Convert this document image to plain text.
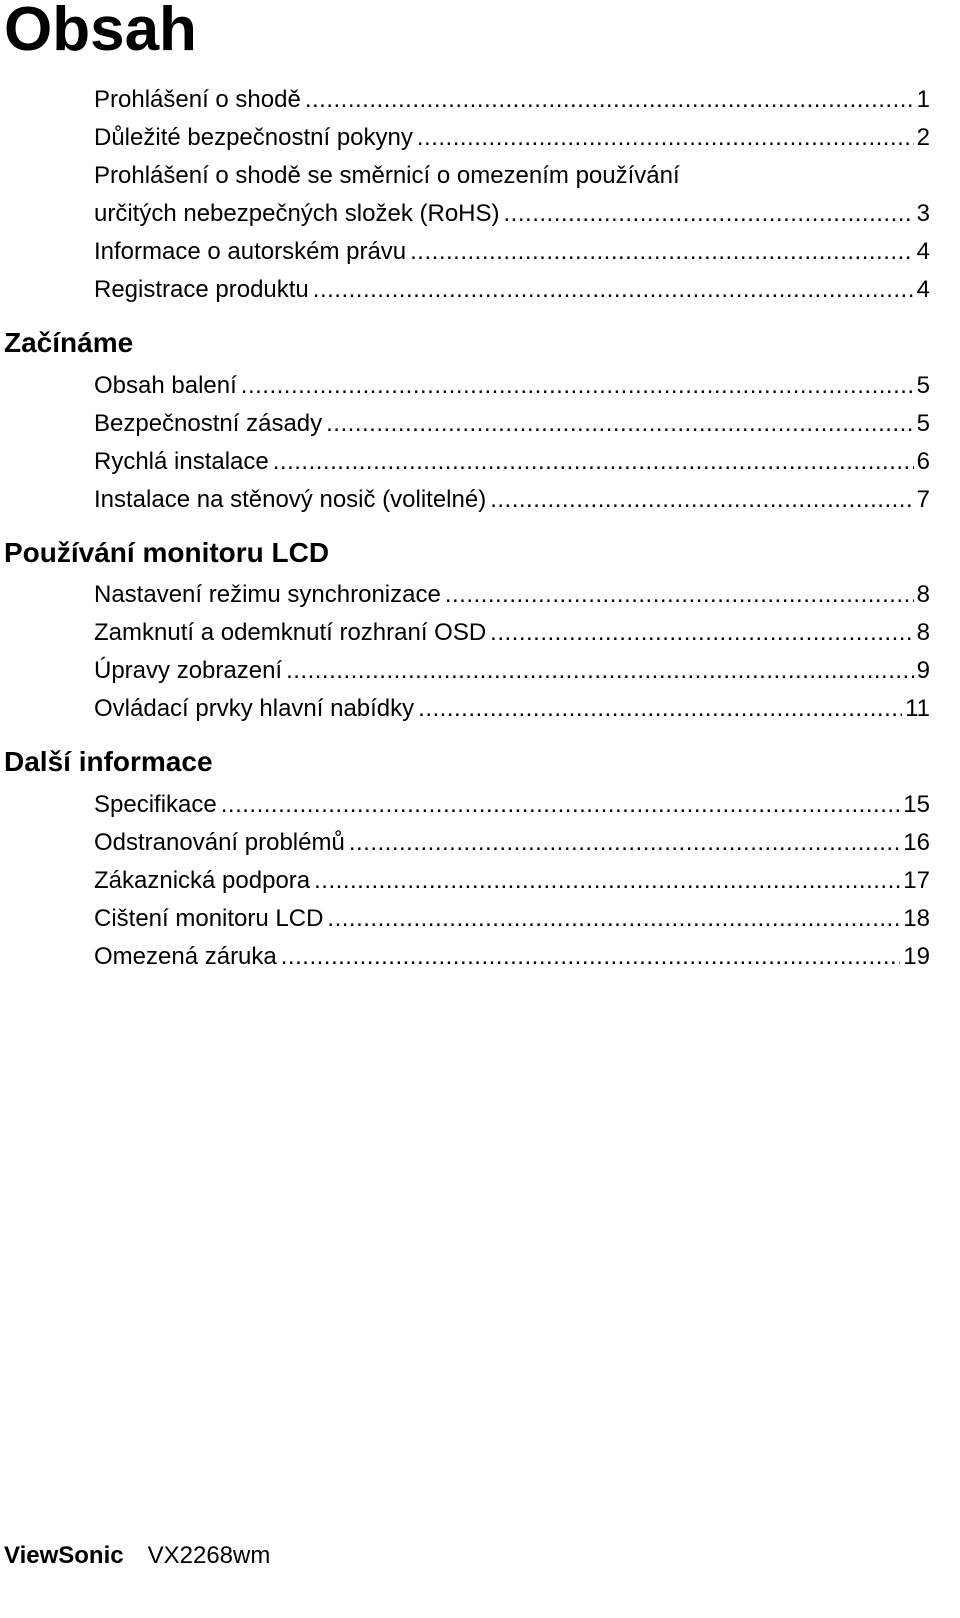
Obsah
Prohlášení o shodě .....	1
Důležité bezpečnostní pokyny .....	2
Prohlášení o shodě se směrnicí o omezením používání
určitých nebezpečných složek (RoHS) .....	3
Informace o autorském právu .....	4
Registrace produktu .....	4
Začínáme
Obsah balení .....	5
Bezpečnostní zásady .....	5
Rychlá instalace .....	6
Instalace na stěnový nosič (volitelné) .....	7
Používání monitoru LCD
Nastavení režimu synchronizace .....	8
Zamknutí a odemknutí rozhraní OSD .....	8
Úpravy zobrazení .....	9
Ovládací prvky hlavní nabídky .....	11
Další informace
Specifikace .....	15
Odstranování problémů .....	16
Zákaznická podpora .....	17
Cištení monitoru LCD .....	18
Omezená záruka .....	19
ViewSonic VX2268wm
